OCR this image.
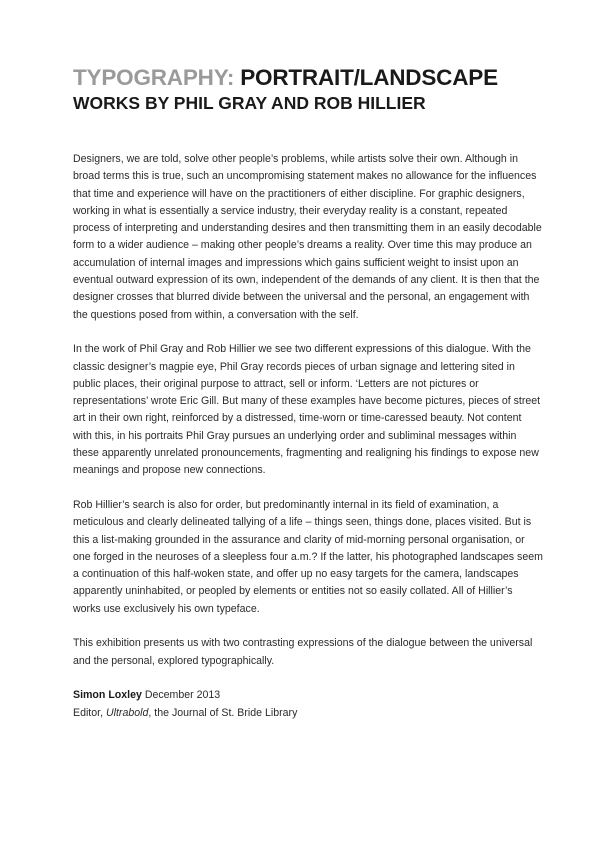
TYPOGRAPHY: PORTRAIT/LANDSCAPE
WORKS BY PHIL GRAY AND ROB HILLIER

Designers, we are told, solve other people’s problems, while artists solve their own. Although in broad terms this is true, such an uncompromising statement makes no allowance for the influences that time and experience will have on the practitioners of either discipline. For graphic designers, working in what is essentially a service industry, their everyday reality is a constant, repeated process of interpreting and understanding desires and then transmitting them in an easily decodable form to a wider audience – making other people’s dreams a reality. Over time this may produce an accumulation of internal images and impressions which gains sufficient weight to insist upon an eventual outward expression of its own, independent of the demands of any client. It is then that the designer crosses that blurred divide between the universal and the personal, an engagement with the questions posed from within, a conversation with the self.

In the work of Phil Gray and Rob Hillier we see two different expressions of this dialogue. With the classic designer’s magpie eye, Phil Gray records pieces of urban signage and lettering sited in public places, their original purpose to attract, sell or inform. ‘Letters are not pictures or representations’ wrote Eric Gill. But many of these examples have become pictures, pieces of street art in their own right, reinforced by a distressed, time-worn or time-caressed beauty. Not content with this, in his portraits Phil Gray pursues an underlying order and subliminal messages within these apparently unrelated pronouncements, fragmenting and realigning his findings to expose new meanings and propose new connections.

Rob Hillier’s search is also for order, but predominantly internal in its field of examination, a meticulous and clearly delineated tallying of a life – things seen, things done, places visited. But is this a list-making grounded in the assurance and clarity of mid-morning personal organisation, or one forged in the neuroses of a sleepless four a.m.? If the latter, his photographed landscapes seem a continuation of this half-woken state, and offer up no easy targets for the camera, landscapes apparently uninhabited, or peopled by elements or entities not so easily collated. All of Hillier’s works use exclusively his own typeface.

This exhibition presents us with two contrasting expressions of the dialogue between the universal and the personal, explored typographically.

Simon Loxley December 2013

Editor, Ultrabold, the Journal of St. Bride Library
